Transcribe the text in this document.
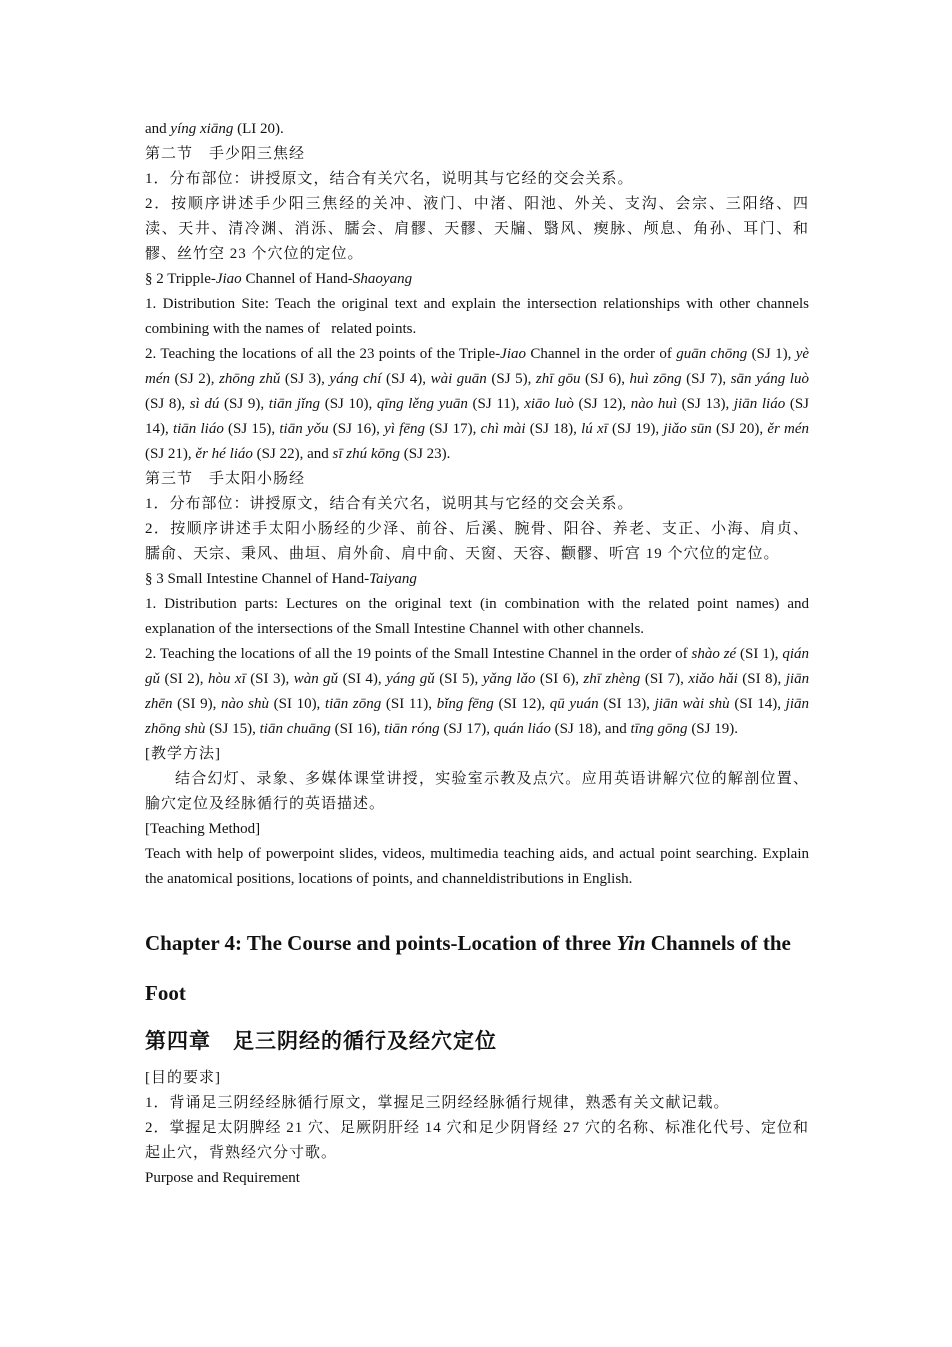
and yíng xiāng (LI 20).

第二节　手少阳三焦经

1．分布部位：讲授原文，结合有关穴名，说明其与它经的交会关系。

2．按顺序讲述手少阳三焦经的关冲、液门、中渚、阳池、外关、支沟、会宗、三阳络、四渎、天井、清冷渊、消泺、臑会、肩髎、天髎、天牖、翳风、瘈脉、颅息、角孙、耳门、和髎、丝竹空 23 个穴位的定位。

§ 2 Tripple-Jiao Channel of Hand-Shaoyang

1. Distribution Site: Teach the original text and explain the intersection relationships with other channels combining with the names of   related points.

2. Teaching the locations of all the 23 points of the Triple-Jiao Channel in the order of guān chōng (SJ 1), yè mén (SJ 2), zhōng zhǔ (SJ 3), yáng chí (SJ 4), wài guān (SJ 5), zhī gōu (SJ 6), huì zōng (SJ 7), sān yáng luò (SJ 8), sì dú (SJ 9), tiān jǐng (SJ 10), qīng lěng yuān (SJ 11), xiāo luò (SJ 12), nào huì (SJ 13), jiān liáo (SJ 14), tiān liáo (SJ 15), tiān yǒu (SJ 16), yì fēng (SJ 17), chì mài (SJ 18), lú xī (SJ 19), jiǎo sūn (SJ 20), ěr mén (SJ 21), ěr hé liáo (SJ 22), and sī zhú kōng (SJ 23).

第三节　手太阳小肠经

1．分布部位：讲授原文，结合有关穴名，说明其与它经的交会关系。

2．按顺序讲述手太阳小肠经的少泽、前谷、后溪、腕骨、阳谷、养老、支正、小海、肩贞、臑俞、天宗、秉风、曲垣、肩外俞、肩中俞、天窗、天容、颧髎、听宫 19 个穴位的定位。

§ 3 Small Intestine Channel of Hand-Taiyang

1. Distribution parts: Lectures on the original text (in combination with the related point names) and explanation of the intersections of the Small Intestine Channel with other channels.

2. Teaching the locations of all the 19 points of the Small Intestine Channel in the order of shào zé (SI 1), qián gǔ (SI 2), hòu xī (SI 3), wàn gǔ (SI 4), yáng gǔ (SI 5), yǎng lǎo (SI 6), zhī zhèng (SI 7), xiǎo hǎi (SI 8), jiān zhēn (SI 9), nào shù (SI 10), tiān zōng (SI 11), bǐng fēng (SI 12), qū yuán (SI 13), jiān wài shù (SI 14), jiān zhōng shù (SJ 15), tiān chuāng (SI 16), tiān róng (SJ 17), quán liáo (SJ 18), and tīng gōng (SJ 19).

[教学方法]

结合幻灯、录象、多媒体课堂讲授，实验室示教及点穴。应用英语讲解穴位的解剖位置、腧穴定位及经脉循行的英语描述。

[Teaching Method]

Teach with help of powerpoint slides, videos, multimedia teaching aids, and actual point searching. Explain the anatomical positions, locations of points, and channeldistributions in English.

Chapter 4: The Course and points-Location of three Yin Channels of the Foot
第四章　足三阴经的循行及经穴定位

[目的要求]

1．背诵足三阴经经脉循行原文，掌握足三阴经经脉循行规律，熟悉有关文献记载。

2．掌握足太阴脾经 21 穴、足厥阴肝经 14 穴和足少阴肾经 27 穴的名称、标准化代号、定位和起止穴，背熟经穴分寸歌。

Purpose and Requirement
